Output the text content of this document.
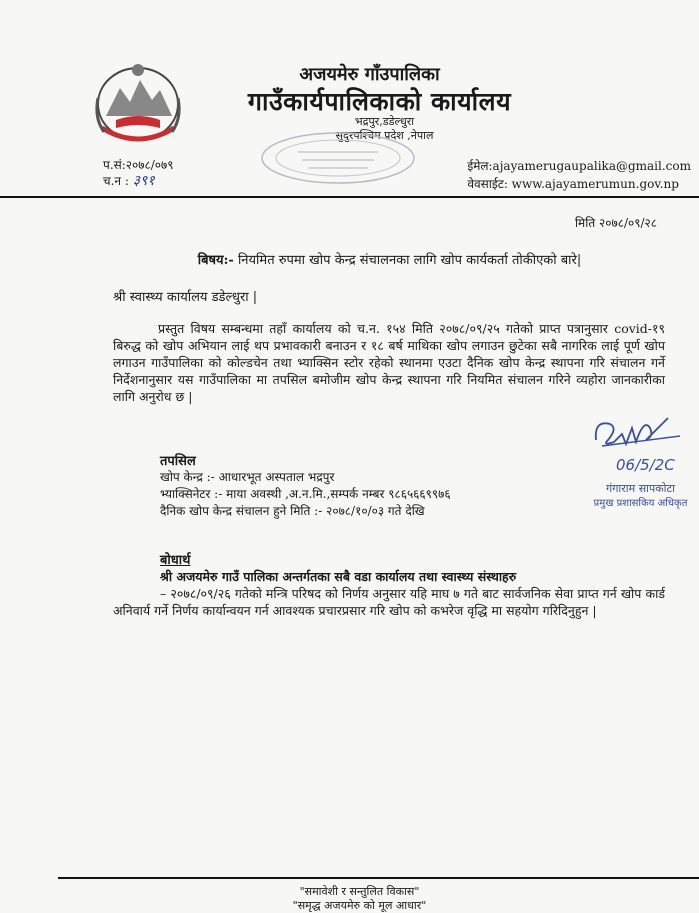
अजयमेरु गाँउपालिका
गाउँकार्यपालिकाको कार्यालय
भद्रपुर,डडेल्धुरा
सुदुरपश्चिम प्रदेश ,नेपाल
प.सं:२०७८/०७९
च.न : ३९१
ईमेल:ajayamerugaupalika@gmail.com
वेवसाईट: www.ajayamerumun.gov.np
मिति २०७८/०९/२८
बिषय:- नियमित रुपमा खोप केन्द्र संचालनका लागि खोप कार्यकर्ता तोकीएको बारे|
श्री स्वास्थ्य कार्यालय डडेल्धुरा |
प्रस्तुत विषय सम्बन्धमा तहाँ कार्यालय को च.न. १५४ मिति २०७८/०९/२५ गतेको प्राप्त पत्रानुसार covid-१९ बिरुद्ध को खोप अभियान लाई थप प्रभावकारी बनाउन र १८ बर्ष माथिका खोप लगाउन छुटेका सबै नागरिक लाई पूर्ण खोप लगाउन गाउँपालिका को कोल्डचेन तथा भ्याक्सिन स्टोर रहेको स्थानमा एउटा दैनिक खोप केन्द्र स्थापना गरि संचालन गर्ने निर्देशनानुसार यस गाउँपालिका मा तपसिल बमोजीम खोप केन्द्र स्थापना गरि नियमित संचालन गरिने व्यहोरा जानकारीका लागि अनुरोध छ |
06/5/2C
गंगाराम सापकोटा
प्रमुख प्रशासकिय अधिकृत
तपसिल
खोप केन्द्र :- आधारभूत अस्पताल भद्रपुर
भ्याक्सिनेटर :- माया अवस्थी ,अ.न.मि.,सम्पर्क नम्बर ९८६५६६९९७६
दैनिक खोप केन्द्र संचालन हुने मिति :- २०७८/१०/०३ गते देखि
बोधार्थ
श्री अजयमेरु गाउँ पालिका अन्तर्गतका सबै वडा कार्यालय तथा स्वास्थ्य संस्थाहरु
– २०७८/०९/२६ गतेको मन्त्रि परिषद को निर्णय अनुसार यहि माघ ७ गते बाट सार्वजनिक सेवा प्राप्त गर्न खोप कार्ड अनिवार्य गर्ने निर्णय कार्यान्वयन गर्न आवश्यक प्रचारप्रसार गरि खोप को कभरेज वृद्धि मा सहयोग गरिदिनुहुन |
"समावेशी र सन्तुलित विकास"
"समृद्ध अजयमेरु को मूल आधार"
